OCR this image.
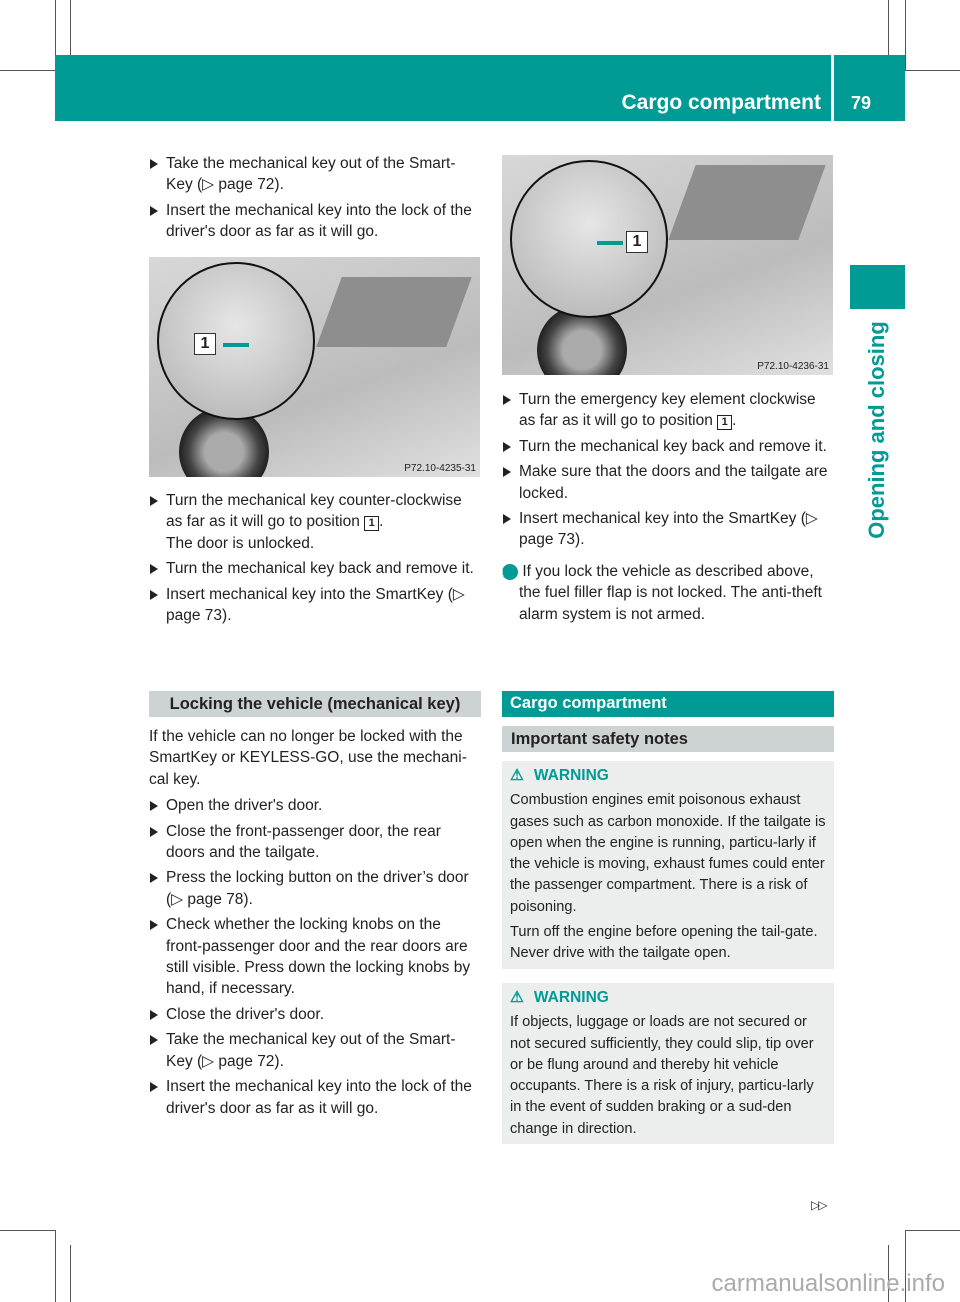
Cargo compartment	79
Opening and closing
Take the mechanical key out of the Smart-Key (▷ page 72).
Insert the mechanical key into the lock of the driver's door as far as it will go.
1
P72.10-4235-31
Turn the mechanical key counter-clockwise as far as it will go to position 1 .
The door is unlocked.
Turn the mechanical key back and remove it.
Insert mechanical key into the SmartKey (▷ page 73).
Locking the vehicle (mechanical key)

If the vehicle can no longer be locked with the SmartKey or KEYLESS-GO, use the mechani-cal key.

Open the driver's door.
Close the front-passenger door, the rear doors and the tailgate.
Press the locking button on the driver’s door (▷ page 78).
Check whether the locking knobs on the front-passenger door and the rear doors are still visible. Press down the locking knobs by hand, if necessary.
Close the driver's door.
Take the mechanical key out of the Smart-Key (▷ page 72).
Insert the mechanical key into the lock of the driver's door as far as it will go.
1
P72.10-4236-31
Turn the emergency key element clockwise as far as it will go to position 1 .
Turn the mechanical key back and remove it.
Make sure that the doors and the tailgate are locked.
Insert mechanical key into the SmartKey (▷ page 73).

i If you lock the vehicle as described above, the fuel filler flap is not locked. The anti-theft alarm system is not armed.

Cargo compartment
Important safety notes
⚠ WARNING

Combustion engines emit poisonous exhaust gases such as carbon monoxide. If the tailgate is open when the engine is running, particu-larly if the vehicle is moving, exhaust fumes could enter the passenger compartment. There is a risk of poisoning.

Turn off the engine before opening the tail-gate. Never drive with the tailgate open.

⚠ WARNING

If objects, luggage or loads are not secured or not secured sufficiently, they could slip, tip over or be flung around and thereby hit vehicle occupants. There is a risk of injury, particu-larly in the event of sudden braking or a sud-den change in direction.

▷▷
carmanualsonline.info
